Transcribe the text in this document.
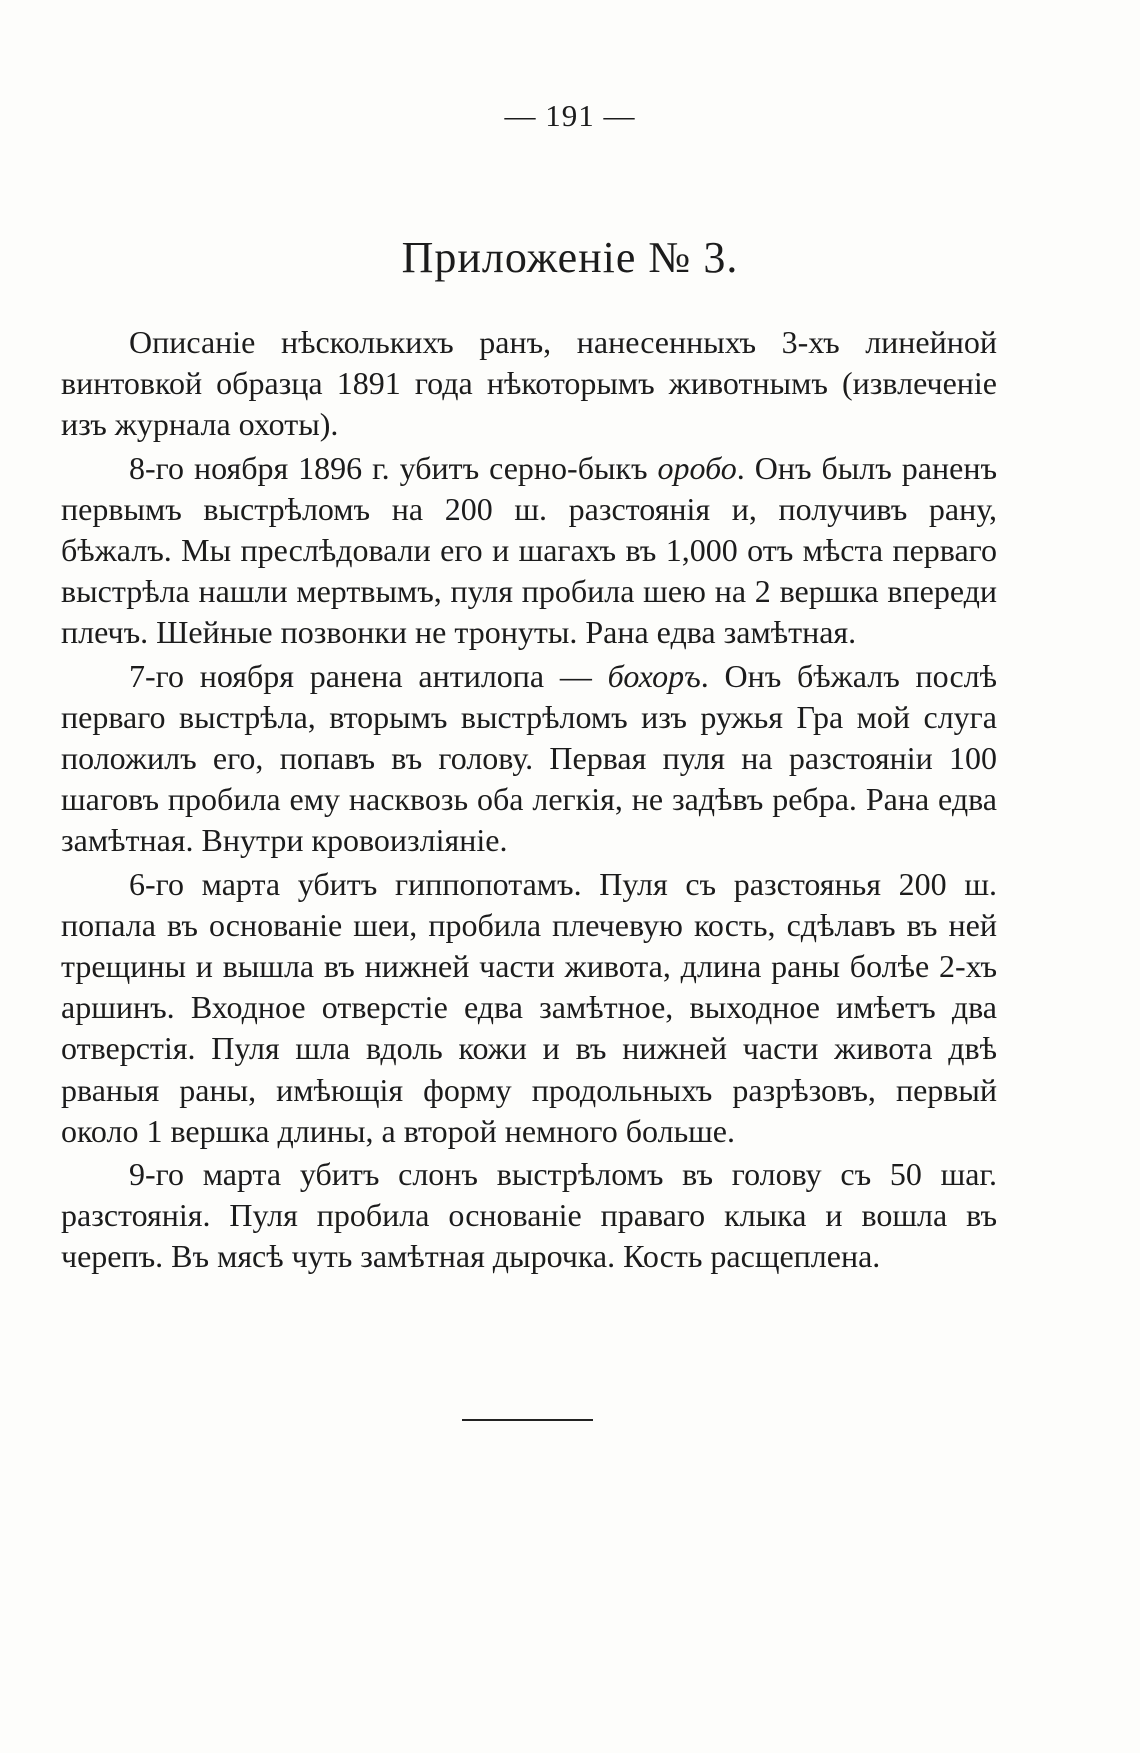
— 191 —
Приложеніе № 3.

Описаніе нѣсколькихъ ранъ, нанесенныхъ 3-хъ линейной винтовкой образца 1891 года нѣкоторымъ животнымъ (извлеченіе изъ журнала охоты).

8-го ноября 1896 г. убитъ серно-быкъ оробо. Онъ былъ раненъ первымъ выстрѣломъ на 200 ш. разстоянія и, получивъ рану, бѣжалъ. Мы преслѣдовали его и шагахъ въ 1,000 отъ мѣста перваго выстрѣла нашли мертвымъ, пуля пробила шею на 2 вершка впереди плечъ. Шейные позвонки не тронуты. Рана едва замѣтная.

7-го ноября ранена антилопа — бохоръ. Онъ бѣжалъ послѣ перваго выстрѣла, вторымъ выстрѣломъ изъ ружья Гра мой слуга положилъ его, попавъ въ голову. Первая пуля на разстояніи 100 шаговъ пробила ему насквозь оба легкія, не задѣвъ ребра. Рана едва замѣтная. Внутри кровоизліяніе.

6-го марта убитъ гиппопотамъ. Пуля съ разстоянья 200 ш. попала въ основаніе шеи, пробила плечевую кость, сдѣлавъ въ ней трещины и вышла въ нижней части живота, длина раны болѣе 2-хъ аршинъ. Входное отверстіе едва замѣтное, выходное имѣетъ два отверстія. Пуля шла вдоль кожи и въ нижней части живота двѣ рваныя раны, имѣющія форму продольныхъ разрѣзовъ, первый около 1 вершка длины, а второй немного больше.

9-го марта убитъ слонъ выстрѣломъ въ голову съ 50 шаг. разстоянія. Пуля пробила основаніе праваго клыка и вошла въ черепъ. Въ мясѣ чуть замѣтная дырочка. Кость расщеплена.
